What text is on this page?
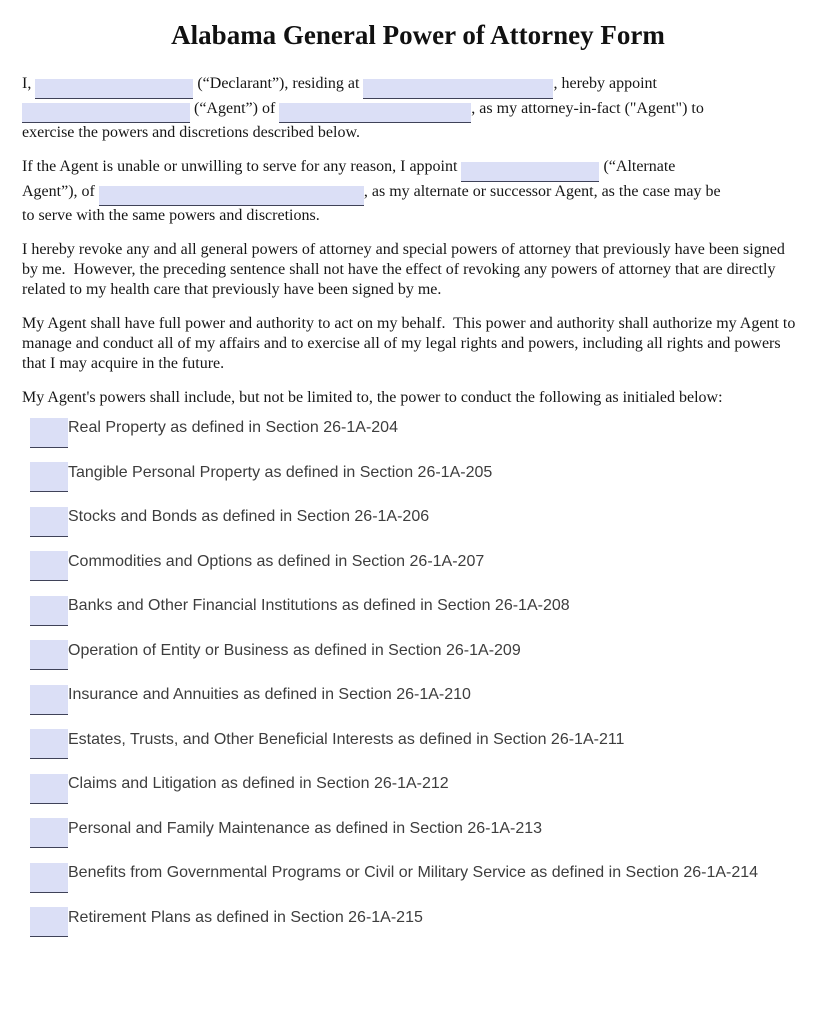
Alabama General Power of Attorney Form
I,	(“Declarant”), residing at	, hereby appoint
(“Agent”) of	, as my attorney-in-fact ("Agent") to
exercise the powers and discretions described below.
If the Agent is unable or unwilling to serve for any reason, I appoint	(“Alternate
Agent”), of	, as my alternate or successor Agent, as the case may be
to serve with the same powers and discretions.

I hereby revoke any and all general powers of attorney and special powers of attorney that previously have been signed by me.  However, the preceding sentence shall not have the effect of revoking any powers of attorney that are directly related to my health care that previously have been signed by me.

My Agent shall have full power and authority to act on my behalf.  This power and authority shall authorize my Agent to manage and conduct all of my affairs and to exercise all of my legal rights and powers, including all rights and powers that I may acquire in the future.

My Agent's powers shall include, but not be limited to, the power to conduct the following as initialed below:

Real Property as defined in Section 26-1A-204
Tangible Personal Property as defined in Section 26-1A-205
Stocks and Bonds as defined in Section 26-1A-206
Commodities and Options as defined in Section 26-1A-207
Banks and Other Financial Institutions as defined in Section 26-1A-208
Operation of Entity or Business as defined in Section 26-1A-209
Insurance and Annuities as defined in Section 26-1A-210
Estates, Trusts, and Other Beneficial Interests as defined in Section 26-1A-211
Claims and Litigation as defined in Section 26-1A-212
Personal and Family Maintenance as defined in Section 26-1A-213
Benefits from Governmental Programs or Civil or Military Service as defined in Section 26-1A-214
Retirement Plans as defined in Section 26-1A-215
